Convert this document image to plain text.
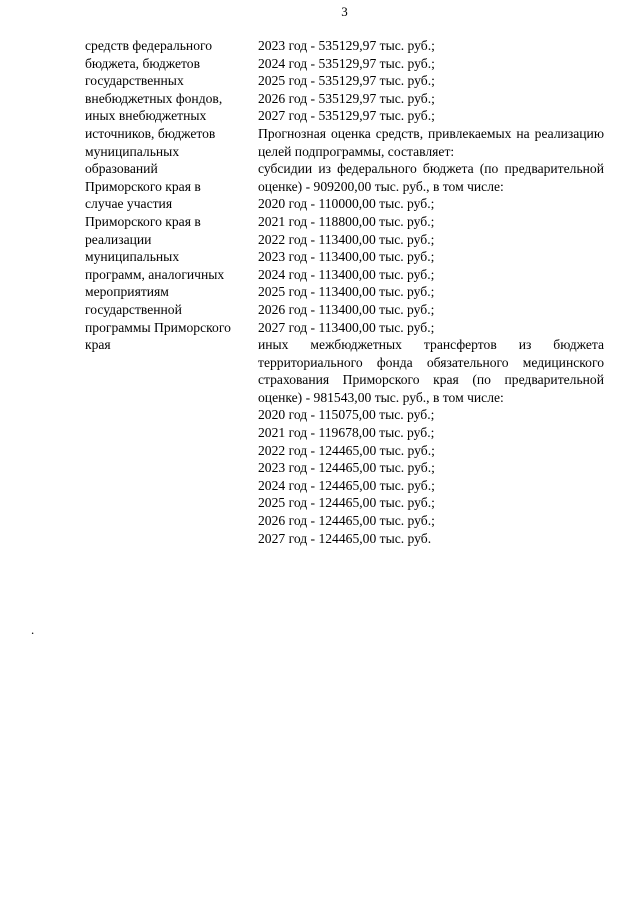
3
средств федерального
бюджета, бюджетов
государственных
внебюджетных фондов,
иных внебюджетных
источников, бюджетов
муниципальных
образований
Приморского края в
случае участия
Приморского края в
реализации
муниципальных
программ, аналогичных
мероприятиям
государственной
программы Приморского
края
2023 год - 535129,97 тыс. руб.;
2024 год - 535129,97 тыс. руб.;
2025 год - 535129,97 тыс. руб.;
2026 год - 535129,97 тыс. руб.;
2027 год - 535129,97 тыс. руб.;
Прогнозная оценка средств, привлекаемых на реализацию целей подпрограммы, составляет:
субсидии из федерального бюджета (по предварительной оценке) - 909200,00 тыс. руб., в том числе:
2020 год - 110000,00 тыс. руб.;
2021 год - 118800,00 тыс. руб.;
2022 год - 113400,00 тыс. руб.;
2023 год - 113400,00 тыс. руб.;
2024 год - 113400,00 тыс. руб.;
2025 год - 113400,00 тыс. руб.;
2026 год - 113400,00 тыс. руб.;
2027 год - 113400,00 тыс. руб.;
иных межбюджетных трансфертов из бюджета территориального фонда обязательного медицинского страхования Приморского края (по предварительной оценке) - 981543,00 тыс. руб., в том числе:
2020 год - 115075,00 тыс. руб.;
2021 год - 119678,00 тыс. руб.;
2022 год - 124465,00 тыс. руб.;
2023 год - 124465,00 тыс. руб.;
2024 год - 124465,00 тыс. руб.;
2025 год - 124465,00 тыс. руб.;
2026 год - 124465,00 тыс. руб.;
2027 год - 124465,00 тыс. руб.
.
